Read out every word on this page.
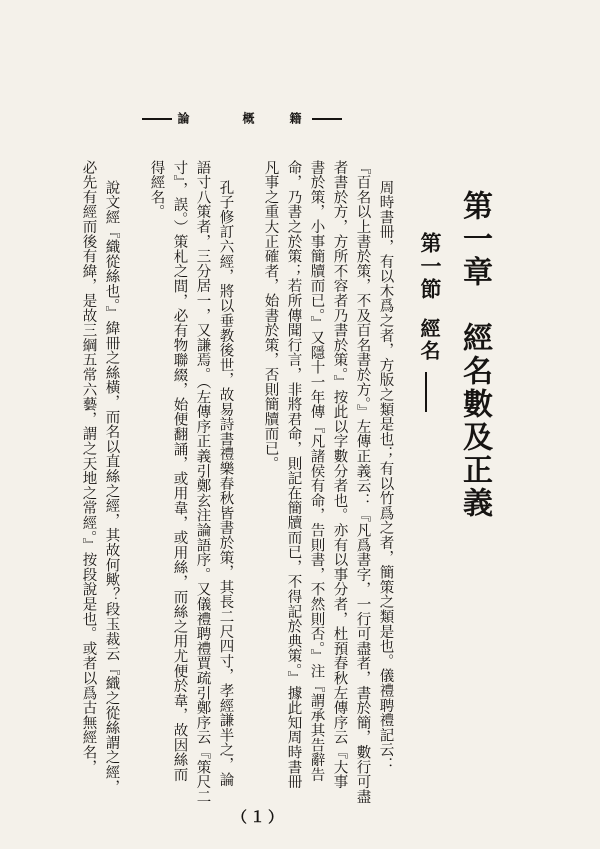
論	概	籍
第一章　經名數及正義
第一節
經名
周時書冊，有以木爲之者，方版之類是也；有以竹爲之者，簡策之類是也。儀禮聘禮記云：
『百名以上書於策，不及百名書於方。』左傳正義云：『凡爲書字，一行可盡者，書於簡，數行可盡
者書於方，方所不容者乃書於策。』按此以字數分者也。亦有以事分者，杜預春秋左傳序云『大事
書於策，小事簡牘而已。』又隱十一年傳『凡諸侯有命，告則書，不然則否。』注『謂承其告辭告
命，乃書之於策；若所傳聞行言，非將君命，則記在簡牘而已，不得記於典策。』據此知周時書冊
凡事之重大正確者，始書於策，否則簡牘而已。
孔子修訂六經，將以垂教後世，故易詩書禮樂春秋皆書於策，其長二尺四寸，孝經謙半之，論
語寸八策者，三分居一，又謙焉。（左傳序正義引鄭玄注論語序。又儀禮聘禮賈疏引鄭序云『策尺二
寸』，誤。）策札之間，必有物聯綴，始便翻誦，或用韋，或用絲，而絲之用尤便於韋，故因絲而
得經名。
說文經『織從絲也。』緯冊之絲橫，而名以直絲之經，其故何歟？段玉裁云『織之從絲謂之經，
必先有經而後有緯，是故三綱五常六藝，謂之天地之常經。』按段說是也。或者以爲古無經名，
（１）
